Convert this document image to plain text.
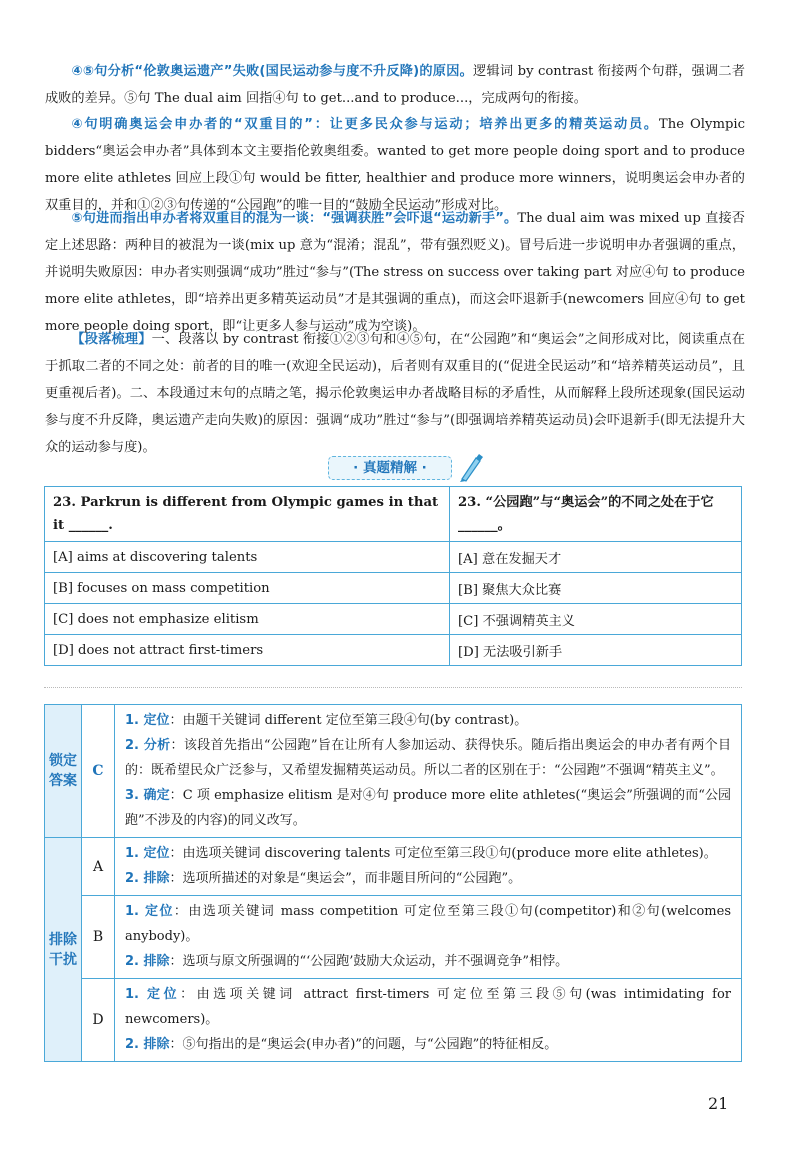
④⑤句分析“伦敦奥运遗产”失败(国民运动参与度不升反降)的原因。逻辑词 by contrast 衔接两个句群，强调二者成败的差异。⑤句 The dual aim 回指④句 to get...and to produce...，完成两句的衔接。

④句明确奥运会申办者的“双重目的”：让更多民众参与运动；培养出更多的精英运动员。The Olympic bidders“奥运会申办者”具体到本文主要指伦敦奥组委。wanted to get more people doing sport and to produce more elite athletes 回应上段①句 would be fitter, healthier and produce more winners，说明奥运会申办者的双重目的，并和①②③句传递的“公园跑”的唯一目的“鼓励全民运动”形成对比。

⑤句进而指出申办者将双重目的混为一谈：“强调获胜”会吓退“运动新手”。The dual aim was mixed up 直接否定上述思路：两种目的被混为一谈(mix up 意为“混淆；混乱”，带有强烈贬义)。冒号后进一步说明申办者强调的重点，并说明失败原因：申办者实则强调“成功”胜过“参与”(The stress on success over taking part 对应④句 to produce more elite athletes，即“培养出更多精英运动员”才是其强调的重点)，而这会吓退新手(newcomers 回应④句 to get more people doing sport，即“让更多人参与运动”成为空谈)。

【段落梳理】一、段落以 by contrast 衔接①②③句和④⑤句，在“公园跑”和“奥运会”之间形成对比，阅读重点在于抓取二者的不同之处：前者的目的唯一(欢迎全民运动)，后者则有双重目的(“促进全民运动”和“培养精英运动员”，且更重视后者)。二、本段通过末句的点睛之笔，揭示伦敦奥运申办者战略目标的矛盾性，从而解释上段所述现象(国民运动参与度不升反降，奥运遗产走向失败)的原因：强调“成功”胜过“参与”(即强调培养精英运动员)会吓退新手(即无法提升大众的运动参与度)。

· 真题精解 ·
23. Parkrun is different from Olympic games in that it ______.	23. “公园跑”与“奥运会”的不同之处在于它______。
[A] aims at discovering talents	[A] 意在发掘天才
[B] focuses on mass competition	[B] 聚焦大众比赛
[C] does not emphasize elitism	[C] 不强调精英主义
[D] does not attract first-timers	[D] 无法吸引新手
锁定答案	C	1. 定位：由题干关键词 different 定位至第三段④句(by contrast)。
2. 分析：该段首先指出“公园跑”旨在让所有人参加运动、获得快乐。随后指出奥运会的申办者有两个目的：既希望民众广泛参与，又希望发掘精英运动员。所以二者的区别在于：“公园跑”不强调“精英主义”。
3. 确定：C 项 emphasize elitism 是对④句 produce more elite athletes(“奥运会”所强调的而“公园跑”不涉及的内容)的同义改写。

排除干扰	A	1. 定位：由选项关键词 discovering talents 可定位至第三段①句(produce more elite athletes)。
2. 排除：选项所描述的对象是“奥运会”，而非题目所问的“公园跑”。

	B	1. 定位：由选项关键词 mass competition 可定位至第三段①句(competitor)和②句(welcomes anybody)。
2. 排除：选项与原文所强调的“‘公园跑’鼓励大众运动，并不强调竞争”相悖。

	D	1. 定位：由选项关键词 attract first-timers 可定位至第三段⑤句(was intimidating for newcomers)。
2. 排除：⑤句指出的是“奥运会(申办者)”的问题，与“公园跑”的特征相反。
21
